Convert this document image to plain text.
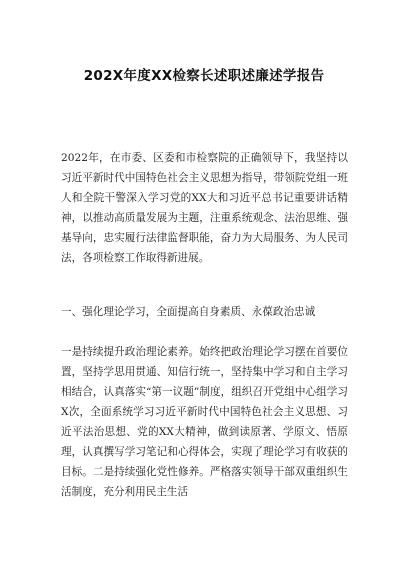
202X年度XX检察长述职述廉述学报告
2022年，在市委、区委和市检察院的正确领导下，我坚持以习近平新时代中国特色社会主义思想为指导，带领院党组一班人和全院干警深入学习党的XX大和习近平总书记重要讲话精神，以推动高质量发展为主题，注重系统观念、法治思维、强基导向，忠实履行法律监督职能，奋力为大局服务、为人民司法，各项检察工作取得新进展。
一、强化理论学习，全面提高自身素质、永葆政治忠诚
一是持续提升政治理论素养。始终把政治理论学习摆在首要位置，坚持学思用贯通、知信行统一，坚持集中学习和自主学习相结合，认真落实“第一议题”制度，组织召开党组中心组学习X次，全面系统学习习近平新时代中国特色社会主义思想、习近平法治思想、党的XX大精神，做到读原著、学原文、悟原理，认真撰写学习笔记和心得体会，实现了理论学习有收获的目标。二是持续强化党性修养。严格落实领导干部双重组织生活制度，充分利用民主生活
